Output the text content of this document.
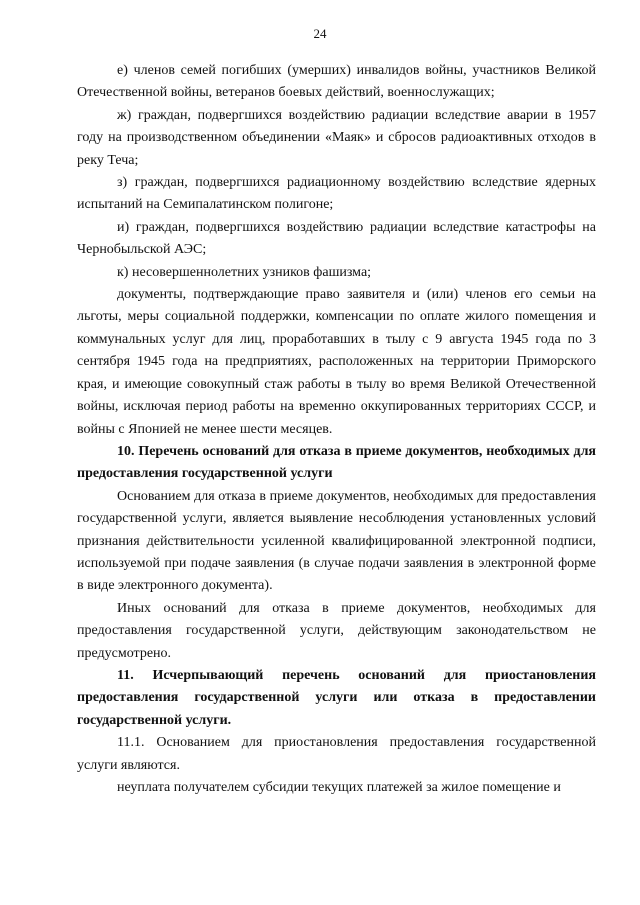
24

е) членов семей погибших (умерших) инвалидов войны, участников Великой Отечественной войны, ветеранов боевых действий, военнослужащих;

ж) граждан, подвергшихся воздействию радиации вследствие аварии в 1957 году на производственном объединении «Маяк» и сбросов радиоактивных отходов в реку Теча;

з) граждан, подвергшихся радиационному воздействию вследствие ядерных испытаний на Семипалатинском полигоне;

и) граждан, подвергшихся воздействию радиации вследствие катастрофы на Чернобыльской АЭС;

к) несовершеннолетних узников фашизма;

документы, подтверждающие право заявителя и (или) членов его семьи на льготы, меры социальной поддержки, компенсации по оплате жилого помещения и коммунальных услуг для лиц, проработавших в тылу с 9 августа 1945 года по 3 сентября 1945 года на предприятиях, расположенных на территории Приморского края, и имеющие совокупный стаж работы в тылу во время Великой Отечественной войны, исключая период работы на временно оккупированных территориях СССР, и войны с Японией не менее шести месяцев.

10. Перечень оснований для отказа в приеме документов, необходимых для предоставления государственной услуги

Основанием для отказа в приеме документов, необходимых для предоставления государственной услуги, является выявление несоблюдения установленных условий признания действительности усиленной квалифицированной электронной подписи, используемой при подаче заявления (в случае подачи заявления в электронной форме в виде электронного документа).

Иных оснований для отказа в приеме документов, необходимых для предоставления государственной услуги, действующим законодательством не предусмотрено.

11. Исчерпывающий перечень оснований для приостановления предоставления государственной услуги или отказа в предоставлении государственной услуги.

11.1. Основанием для приостановления предоставления государственной услуги являются.

неуплата получателем субсидии текущих платежей за жилое помещение и
